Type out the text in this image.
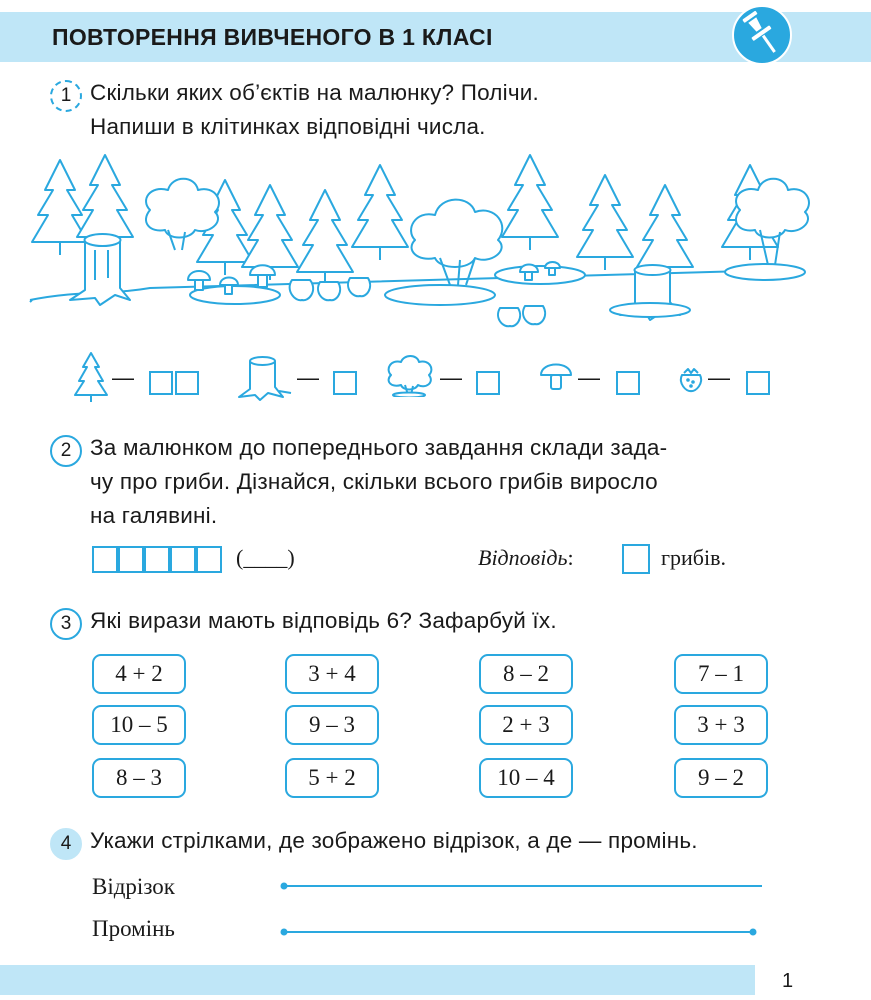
ПОВТОРЕННЯ ВИВЧЕНОГО В 1 КЛАСІ
1 Скільки яких об’єктів на малюнку? Полічи.
Напиши в клітинках відповідні числа.
—	—	—	—	—
2 За малюнком до попереднього завдання склади зада-
чу про гриби. Дізнайся, скільки всього грибів виросло
на галявині.
(____)	Відповідь:	грибів.
3 Які вирази мають відповідь 6? Зафарбуй їх.
4 + 2	3 + 4	8 – 2	7 – 1
10 – 5	9 – 3	2 + 3	3 + 3
8 – 3	5 + 2	10 – 4	9 – 2
4 Укажи стрілками, де зображено відрізок, а де — промінь.
Відрізок
Промінь
1
